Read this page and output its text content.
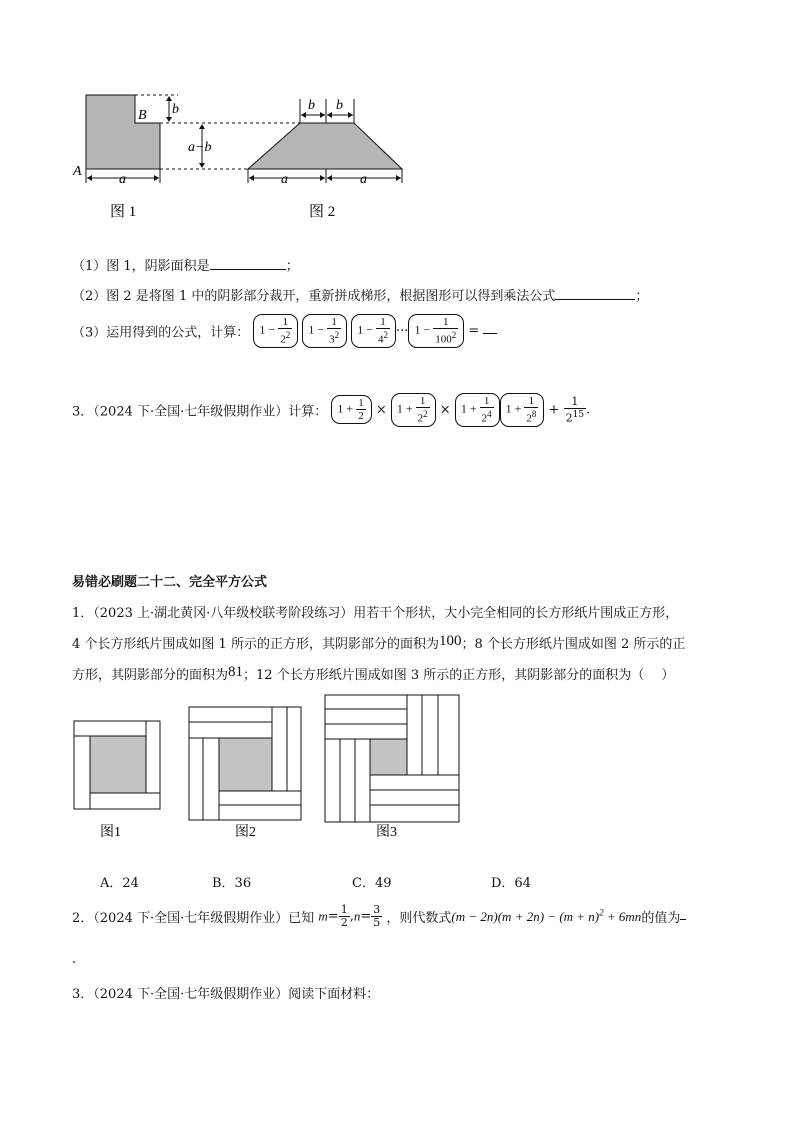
B b
a−b
A
a
b b
a	a
图 1	图 2
（1）图 1，阴影面积是	；
（2）图 2 是将图 1 中的阴影部分裁开，重新拼成梯形，根据图形可以得到乘法公式	；
（3）运用得到的公式，计算： $1 - \frac{1}{2^2} 1 - \frac{1}{3^2} 1 - \frac{1}{4^2}$ ··· $1 - \frac{1}{100^2}$ =
3．（2024 下·全国·七年级假期作业）计算： $1 + \frac{1}{2} \times 1 + \frac{1}{2^2} \times 1 + \frac{1}{2^4} 1 + \frac{1}{2^8} + \frac{1}{2^{15}}$ .
易错必刷题二十二、完全平方公式
1．（2023 上·湖北黄冈·八年级校联考阶段练习）用若干个形状，大小完全相同的长方形纸片围成正方形，
4 个长方形纸片围成如图 1 所示的正方形，其阴影部分的面积为100；8 个长方形纸片围成如图 2 所示的正
方形，其阴影部分的面积为81；12 个长方形纸片围成如图 3 所示的正方形，其阴影部分的面积为（　 ）
图1	图2	图3
A．24	B．36	C．49	D．64
2．（2024 下·全国·七年级假期作业）已知 $m= \frac{1}{2} ,n= \frac{3}{5}$ ，则代数式$(m - 2n)(m + 2n) - (m + n)^2 + 6mn$的值为
.
3．（2024 下·全国·七年级假期作业）阅读下面材料：
